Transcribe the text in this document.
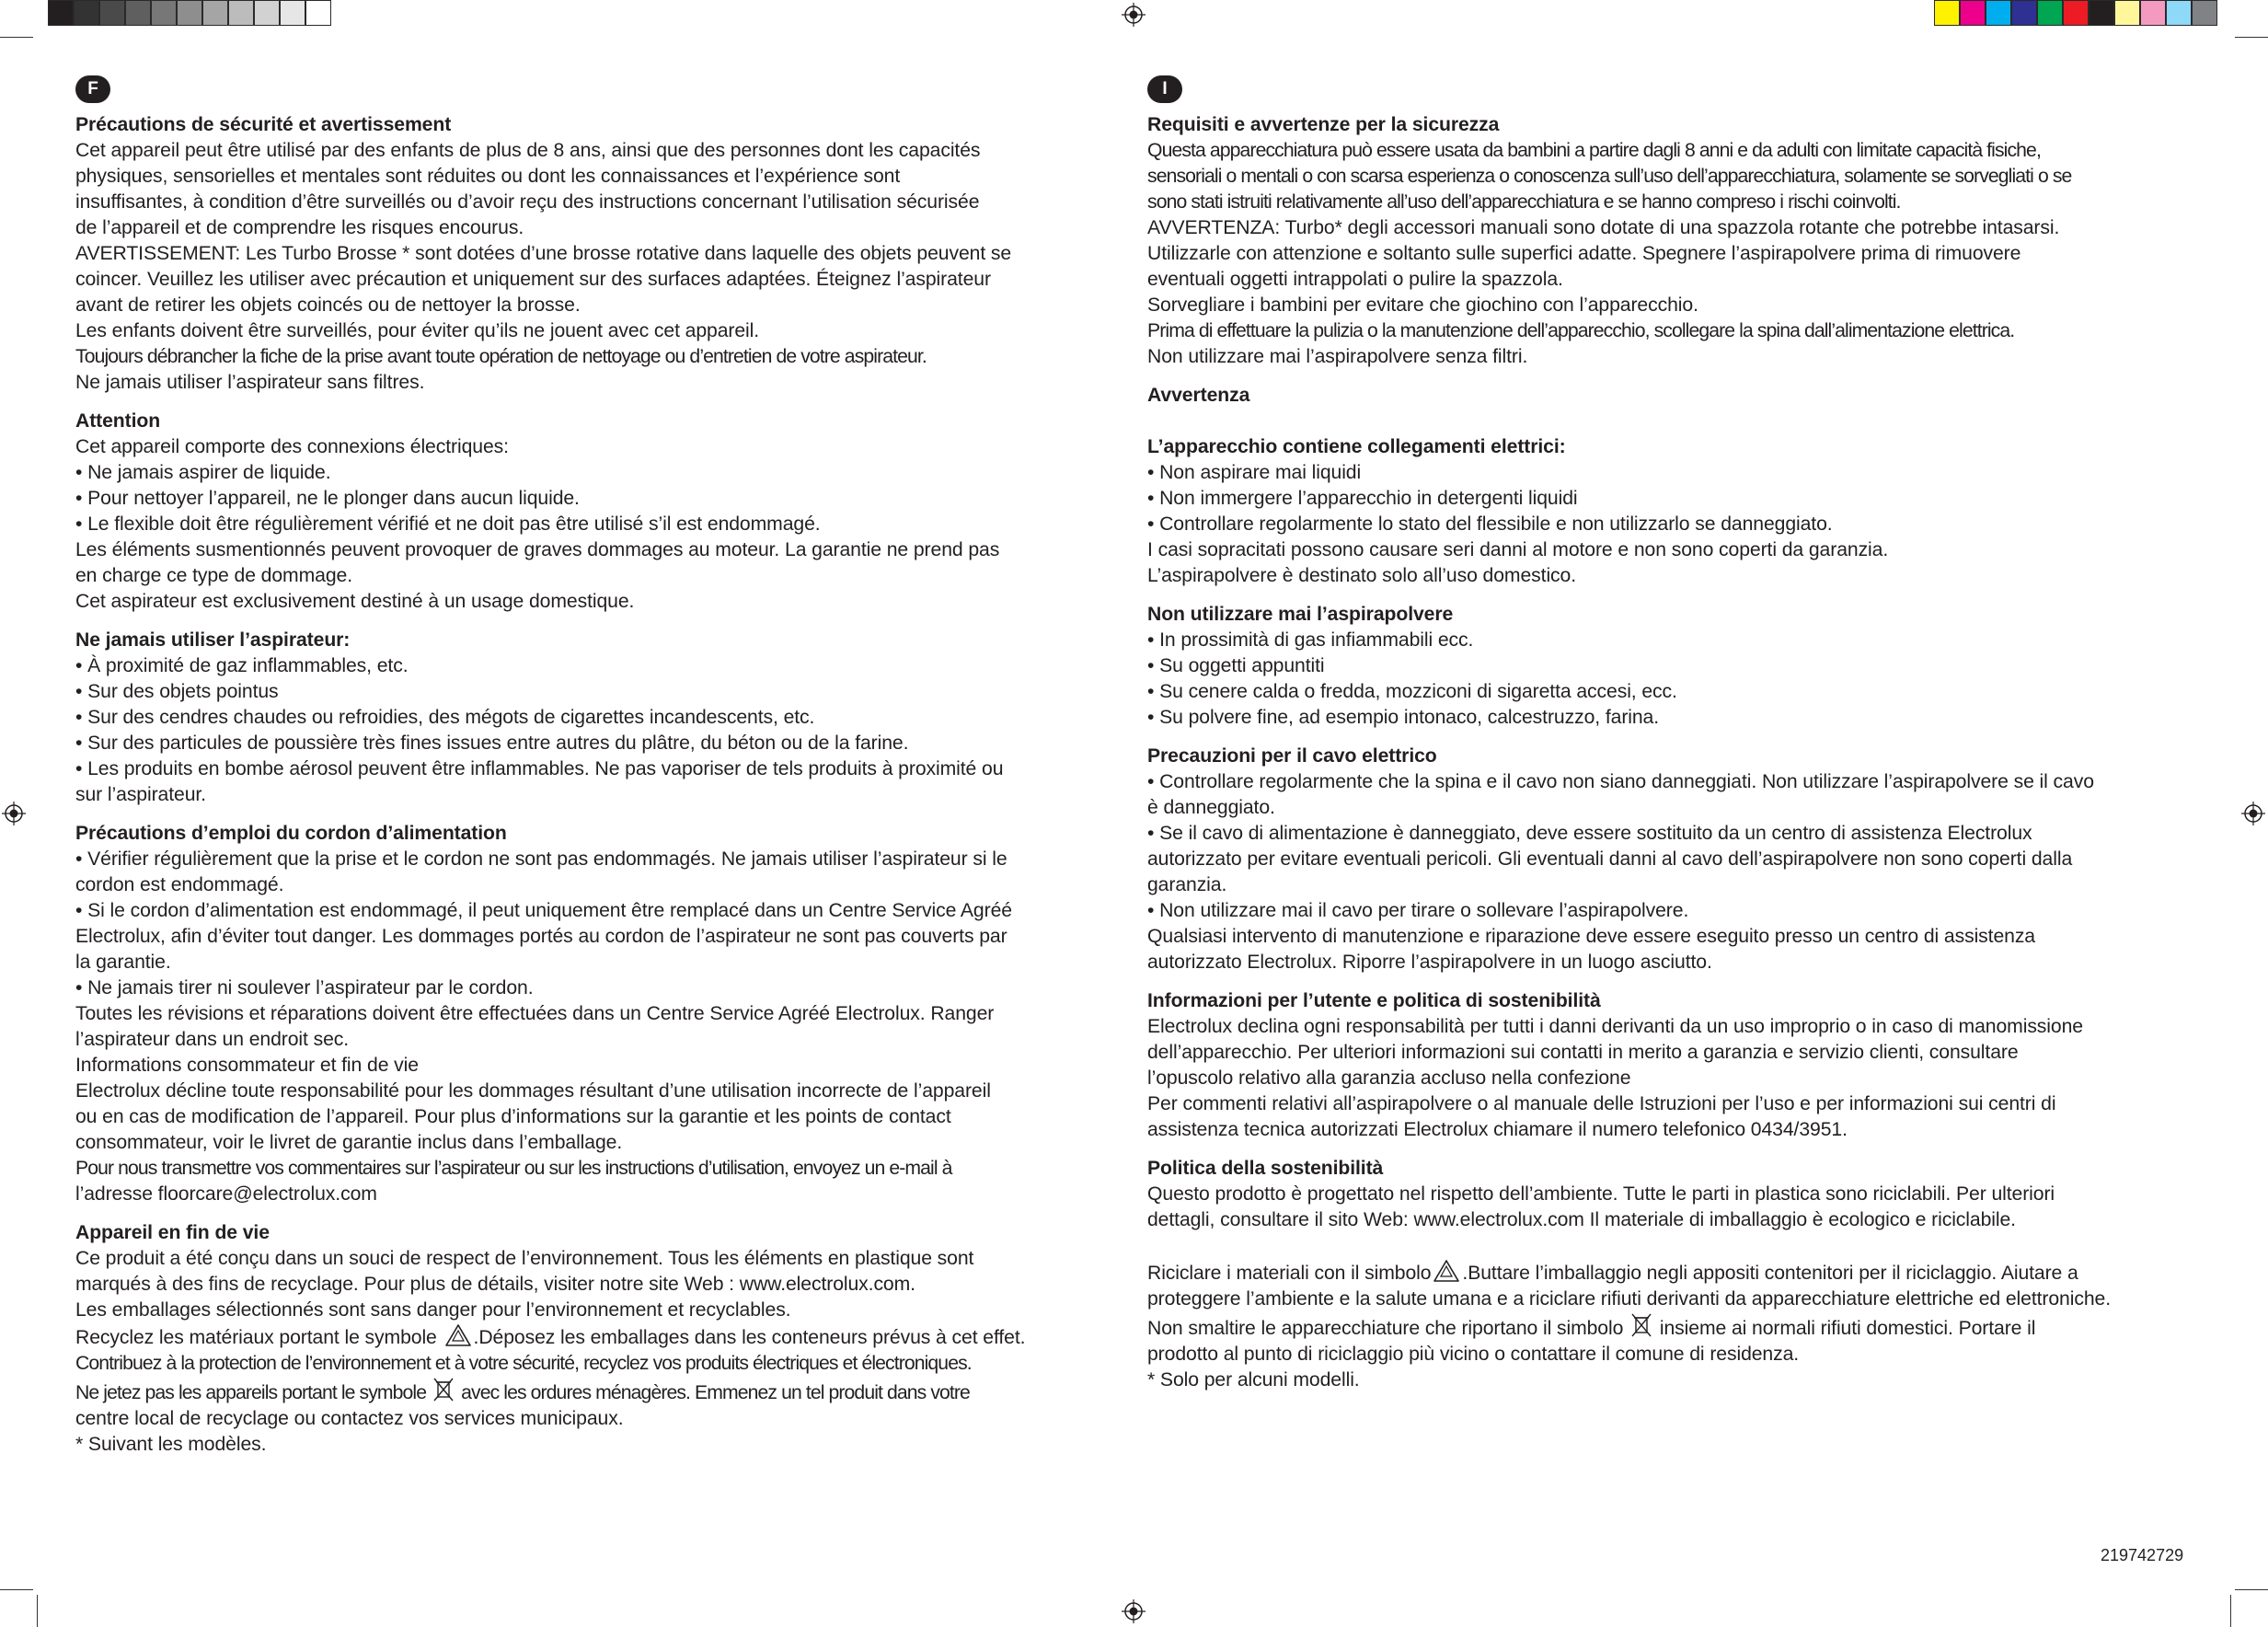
F
Précautions de sécurité et avertissement
Cet appareil peut être utilisé par des enfants de plus de 8 ans, ainsi que des personnes dont les capacités
physiques, sensorielles et mentales sont réduites ou dont les connaissances et l’expérience sont
insuffisantes, à condition d’être surveillés ou d’avoir reçu des instructions concernant l’utilisation sécurisée
de l’appareil et de comprendre les risques encourus.
AVERTISSEMENT: Les Turbo Brosse * sont dotées d’une brosse rotative dans laquelle des objets peuvent se
coincer. Veuillez les utiliser avec précaution et uniquement sur des surfaces adaptées. Éteignez l’aspirateur
avant de retirer les objets coincés ou de nettoyer la brosse.
Les enfants doivent être surveillés, pour éviter qu’ils ne jouent avec cet appareil.
Toujours débrancher la fiche de la prise avant toute opération de nettoyage ou d’entretien de votre aspirateur.
Ne jamais utiliser l’aspirateur sans filtres.
Attention
Cet appareil comporte des connexions électriques:
• Ne jamais aspirer de liquide.
• Pour nettoyer l’appareil, ne le plonger dans aucun liquide.
• Le flexible doit être régulièrement vérifié et ne doit pas être utilisé s’il est endommagé.
Les éléments susmentionnés peuvent provoquer de graves dommages au moteur. La garantie ne prend pas
en charge ce type de dommage.
Cet aspirateur est exclusivement destiné à un usage domestique.
Ne jamais utiliser l’aspirateur:
• À proximité de gaz inflammables, etc.
• Sur des objets pointus
• Sur des cendres chaudes ou refroidies, des mégots de cigarettes incandescents, etc.
• Sur des particules de poussière très fines issues entre autres du plâtre, du béton ou de la farine.
• Les produits en bombe aérosol peuvent être inflammables. Ne pas vaporiser de tels produits à proximité ou
sur l’aspirateur.
Précautions d’emploi du cordon d’alimentation
• Vérifier régulièrement que la prise et le cordon ne sont pas endommagés. Ne jamais utiliser l’aspirateur si le
cordon est endommagé.
• Si le cordon d’alimentation est endommagé, il peut uniquement être remplacé dans un Centre Service Agréé
Electrolux, afin d’éviter tout danger. Les dommages portés au cordon de l’aspirateur ne sont pas couverts par
la garantie.
• Ne jamais tirer ni soulever l’aspirateur par le cordon.
Toutes les révisions et réparations doivent être effectuées dans un Centre Service Agréé Electrolux. Ranger
l’aspirateur dans un endroit sec.
Informations consommateur et fin de vie
Electrolux décline toute responsabilité pour les dommages résultant d’une utilisation incorrecte de l’appareil
ou en cas de modification de l’appareil. Pour plus d’informations sur la garantie et les points de contact
consommateur, voir le livret de garantie inclus dans l’emballage.
Pour nous transmettre vos commentaires sur l’aspirateur ou sur les instructions d’utilisation, envoyez un e-mail à
l’adresse floorcare@electrolux.com
Appareil en fin de vie
Ce produit a été conçu dans un souci de respect de l’environnement. Tous les éléments en plastique sont
marqués à des fins de recyclage. Pour plus de détails, visiter notre site Web : www.electrolux.com.
Les emballages sélectionnés sont sans danger pour l’environnement et recyclables.
Recyclez les matériaux portant le symbole .Déposez les emballages dans les conteneurs prévus à cet effet.
Contribuez à la protection de l’environnement et à votre sécurité, recyclez vos produits électriques et électroniques.
Ne jetez pas les appareils portant le symbole avec les ordures ménagères. Emmenez un tel produit dans votre
centre local de recyclage ou contactez vos services municipaux.
* Suivant les modèles.
I
Requisiti e avvertenze per la sicurezza
Questa apparecchiatura può essere usata da bambini a partire dagli 8 anni e da adulti con limitate capacità fisiche,
sensoriali o mentali o con scarsa esperienza o conoscenza sull’uso dell’apparecchiatura, solamente se sorvegliati o se
sono stati istruiti relativamente all’uso dell’apparecchiatura e se hanno compreso i rischi coinvolti.
AVVERTENZA: Turbo* degli accessori manuali sono dotate di una spazzola rotante che potrebbe intasarsi.
Utilizzarle con attenzione e soltanto sulle superfici adatte. Spegnere l’aspirapolvere prima di rimuovere
eventuali oggetti intrappolati o pulire la spazzola.
Sorvegliare i bambini per evitare che giochino con l’apparecchio.
Prima di effettuare la pulizia o la manutenzione dell’apparecchio, scollegare la spina dall’alimentazione elettrica.
Non utilizzare mai l’aspirapolvere senza filtri.
Avvertenza
L’apparecchio contiene collegamenti elettrici:
• Non aspirare mai liquidi
• Non immergere l’apparecchio in detergenti liquidi
• Controllare regolarmente lo stato del flessibile e non utilizzarlo se danneggiato.
I casi sopracitati possono causare seri danni al motore e non sono coperti da garanzia.
L’aspirapolvere è destinato solo all’uso domestico.
Non utilizzare mai l’aspirapolvere
• In prossimità di gas infiammabili ecc.
• Su oggetti appuntiti
• Su cenere calda o fredda, mozziconi di sigaretta accesi, ecc.
• Su polvere fine, ad esempio intonaco, calcestruzzo, farina.
Precauzioni per il cavo elettrico
• Controllare regolarmente che la spina e il cavo non siano danneggiati. Non utilizzare l’aspirapolvere se il cavo
è danneggiato.
• Se il cavo di alimentazione è danneggiato, deve essere sostituito da un centro di assistenza Electrolux
autorizzato per evitare eventuali pericoli. Gli eventuali danni al cavo dell’aspirapolvere non sono coperti dalla
garanzia.
• Non utilizzare mai il cavo per tirare o sollevare l’aspirapolvere.
Qualsiasi intervento di manutenzione e riparazione deve essere eseguito presso un centro di assistenza
autorizzato Electrolux. Riporre l’aspirapolvere in un luogo asciutto.
Informazioni per l’utente e politica di sostenibilità
Electrolux declina ogni responsabilità per tutti i danni derivanti da un uso improprio o in caso di manomissione
dell’apparecchio. Per ulteriori informazioni sui contatti in merito a garanzia e servizio clienti, consultare
l’opuscolo relativo alla garanzia accluso nella confezione
Per commenti relativi all’aspirapolvere o al manuale delle Istruzioni per l’uso e per informazioni sui centri di
assistenza tecnica autorizzati Electrolux chiamare il numero telefonico 0434/3951.
Politica della sostenibilità
Questo prodotto è progettato nel rispetto dell’ambiente. Tutte le parti in plastica sono riciclabili. Per ulteriori
dettagli, consultare il sito Web: www.electrolux.com Il materiale di imballaggio è ecologico e riciclabile.

Riciclare i materiali con il simbolo .Buttare l’imballaggio negli appositi contenitori per il riciclaggio. Aiutare a
proteggere l’ambiente e la salute umana e a riciclare rifiuti derivanti da apparecchiature elettriche ed elettroniche.
Non smaltire le apparecchiature che riportano il simbolo insieme ai normali rifiuti domestici. Portare il
prodotto al punto di riciclaggio più vicino o contattare il comune di residenza.
* Solo per alcuni modelli.
219742729
